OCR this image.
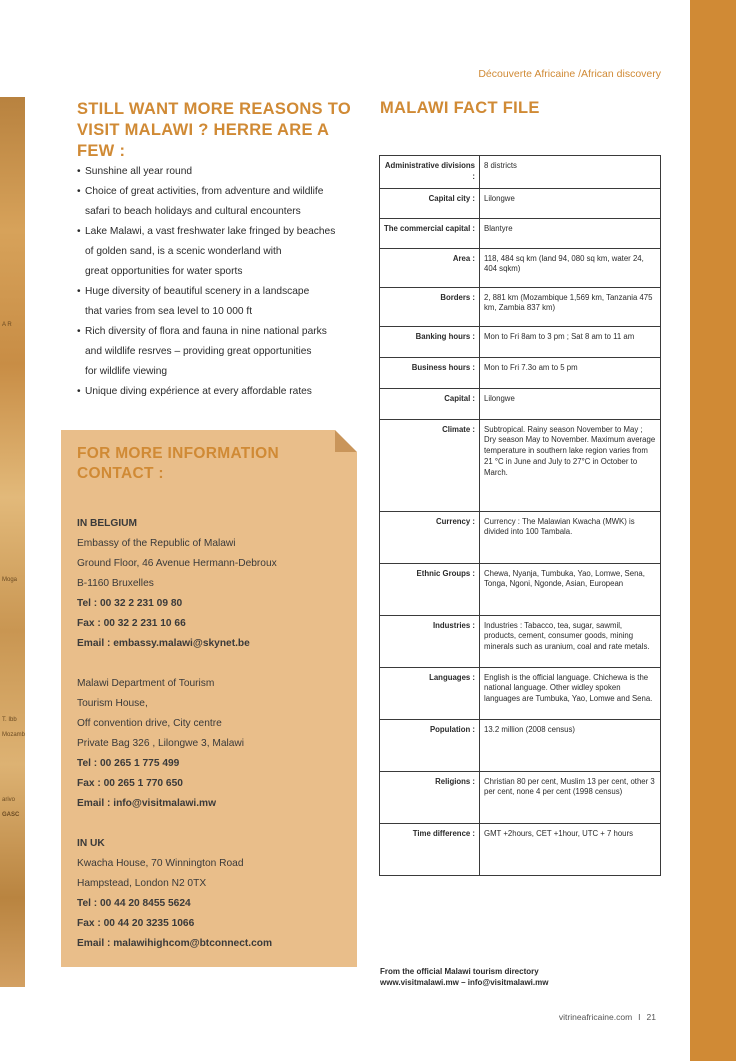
A R
Moga
T. Ibb
Mozamb
arivo
GASC
Découverte Africaine /African discovery
STILL WANT MORE REASONS TO
VISIT MALAWI ? HERRE ARE A FEW :
• Sunshine all year round
• Choice of great activities, from adventure and wildlife
safari to beach holidays and cultural encounters
• Lake Malawi, a vast freshwater lake fringed by beaches
of golden sand, is a scenic wonderland with
great opportunities for water sports
• Huge diversity of beautiful scenery in a landscape
that varies from sea level to 10 000 ft
• Rich diversity of flora and fauna in nine national parks
and wildlife resrves – providing great opportunities
for wildlife viewing
• Unique diving expérience at every affordable rates
MALAWI FACT FILE
FOR MORE INFORMATION
CONTACT :
IN BELGIUM
Embassy of the Republic of Malawi
Ground Floor, 46 Avenue Hermann-Debroux
B-1160 Bruxelles
Tel : 00 32 2 231 09 80
Fax : 00 32 2 231 10 66
Email : embassy.malawi@skynet.be
Malawi Department of Tourism
Tourism House,
Off convention drive, City centre
Private Bag 326 , Lilongwe 3, Malawi
Tel : 00 265 1 775 499
Fax : 00 265 1 770 650
Email : info@visitmalawi.mw
IN UK
Kwacha House, 70 Winnington Road
Hampstead, London N2 0TX
Tel : 00 44 20 8455 5624
Fax : 00 44 20 3235 1066
Email : malawihighcom@btconnect.com
Administrative divisions :	8 districts
Capital city :	Lilongwe
The commercial capital :	Blantyre
Area :	118, 484 sq km (land 94, 080 sq km, water 24, 404 sqkm)
Borders :	2, 881 km (Mozambique 1,569 km, Tanzania 475 km, Zambia 837 km)
Banking hours :	Mon to Fri 8am to 3 pm ; Sat 8 am to 11 am
Business hours :	Mon to Fri 7.3o am to 5 pm
Capital :	Lilongwe
Climate :	Subtropical. Rainy season November to May ; Dry season May to November. Maximum average temperature in southern lake region varies from 21 °C in June and July to 27°C in October to March.
Currency :	Currency : The Malawian Kwacha (MWK) is divided into 100 Tambala.
Ethnic Groups :	Chewa, Nyanja, Tumbuka, Yao, Lomwe, Sena, Tonga, Ngoni, Ngonde, Asian, European
Industries :	Industries : Tabacco, tea, sugar, sawmil, products, cement, consumer goods, mining minerals such as uranium, coal and rate metals.
Languages :	English is the official language. Chichewa is the national language. Other widley spoken languages are Tumbuka, Yao, Lomwe and Sena.
Population :	13.2 million (2008 census)
Religions :	Christian 80 per cent, Muslim 13 per cent, other 3 per cent, none 4 per cent (1998 census)
Time difference :	GMT +2hours, CET +1hour, UTC + 7 hours
From the official Malawi tourism directory
www.visitmalawi.mw – info@visitmalawi.mw
vitrineafricaine.com I 21
